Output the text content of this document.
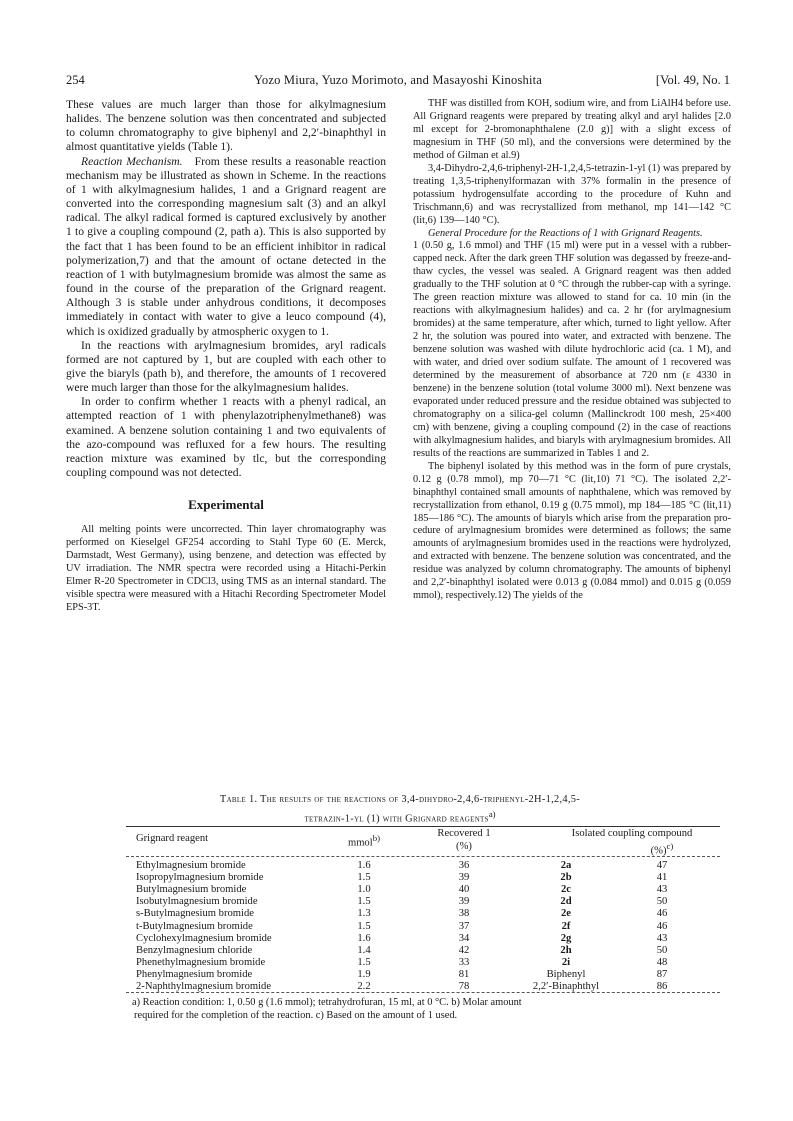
254	Yozo Miura, Yuzo Morimoto, and Masayoshi Kinoshita	[Vol. 49, No. 1

These values are much larger than those for alkylmagnesium halides. The benzene solution was then concentrated and subjected to column chromatography to give biphenyl and 2,2′-binaphthyl in almost quantitative yields (Table 1).

Reaction Mechanism. From these results a reasonable reaction mechanism may be illustrated as shown in Scheme. In the reactions of 1 with alkylmagnesium halides, 1 and a Grignard reagent are converted into the corresponding magnesium salt (3) and an alkyl radical. The alkyl radical formed is captured exclusively by another 1 to give a coupling compound (2, path a). This is also supported by the fact that 1 has been found to be an efficient inhibitor in radical polymerization,7) and that the amount of octane detected in the reaction of 1 with butylmagnesium bromide was almost the same as found in the course of the preparation of the Grignard reagent. Although 3 is stable under anhydrous conditions, it decomposes immediately in contact with water to give a leuco compound (4), which is oxidized gradually by atmospheric oxygen to 1.

In the reactions with arylmagnesium bromides, aryl radicals formed are not captured by 1, but are coupled with each other to give the biaryls (path b), and therefore, the amounts of 1 recovered were much larger than those for the alkylmagnesium halides.

In order to confirm whether 1 reacts with a phenyl radical, an attempted reaction of 1 with phenylazotriphenylmethane8) was examined. A benzene solution containing 1 and two equivalents of the azo-compound was refluxed for a few hours. The resulting reaction mixture was examined by tlc, but the corresponding coupling compound was not detected.

Experimental

All melting points were uncorrected. Thin layer chromatography was performed on Kieselgel GF254 according to Stahl Type 60 (E. Merck, Darmstadt, West Germany), using benzene, and detection was effected by UV irradiation. The NMR spectra were recorded using a Hitachi-Perkin Elmer R-20 Spectrometer in CDCl3, using TMS as an internal standard. The visible spectra were measured with a Hitachi Recording Spectrometer Model EPS-3T.

THF was distilled from KOH, sodium wire, and from LiAlH4 before use. All Grignard reagents were prepared by treating alkyl and aryl halides [2.0 ml except for 2-bromonaphthalene (2.0 g)] with a slight excess of magnesium in THF (50 ml), and the conversions were determined by the method of Gilman et al.9)

3,4-Dihydro-2,4,6-triphenyl-2H-1,2,4,5-tetrazin-1-yl (1) was prepared by treating 1,3,5-triphenylformazan with 37% formalin in the presence of potassium hydrogensulfate according to the procedure of Kuhn and Trischmann,6) and was recrystallized from methanol, mp 141—142 °C (lit,6) 139—140 °C).

General Procedure for the Reactions of 1 with Grignard Reagents.

1 (0.50 g, 1.6 mmol) and THF (15 ml) were put in a vessel with a rubber-capped neck. After the dark green THF solution was degassed by freeze-and-thaw cycles, the vessel was sealed. A Grignard reagent was then added gradually to the THF solution at 0 °C through the rubber-cap with a syringe. The green reaction mixture was allowed to stand for ca. 10 min (in the reactions with alkylmagnesium halides) and ca. 2 hr (for arylmagnesium bromides) at the same temperature, after which, turned to light yellow. After 2 hr, the solution was poured into water, and extracted with benzene. The benzene solution was washed with dilute hydrochloric acid (ca. 1 M), and with water, and dried over sodium sulfate. The amount of 1 recovered was determined by the measurement of absorbance at 720 nm (ε 4330 in benzene) in the benzene solution (total volume 3000 ml). Next benzene was evaporated under reduced pressure and the residue obtained was subjected to chromatography on a silica-gel column (Mallinckrodt 100 mesh, 25×400 cm) with benzene, giving a coupling compound (2) in the case of reactions with alkylmagnesium halides, and biaryls with arylmagnesium bromides. All results of the reactions are summarized in Tables 1 and 2.

The biphenyl isolated by this method was in the form of pure crystals, 0.12 g (0.78 mmol), mp 70—71 °C (lit,10) 71 °C). The isolated 2,2′-binaphthyl contained small amounts of naphthalene, which was removed by recrystallization from ethanol, 0.19 g (0.75 mmol), mp 184—185 °C (lit,11) 185—186 °C). The amounts of biaryls which arise from the preparation procedure of arylmagnesium bromides were determined as follows; the same amounts of arylmagnesium bromides used in the reactions were hydrolyzed, and extracted with benzene. The benzene solution was concentrated, and the residue was analyzed by column chromatography. The amounts of biphenyl and 2,2′-binaphthyl isolated were 0.013 g (0.084 mmol) and 0.015 g (0.059 mmol), respectively.12) The yields of the

Table 1. The results of the reactions of 3,4-dihydro-2,4,6-triphenyl-2H-1,2,4,5-
tetrazin-1-yl (1) with Grignard reagents$^{a)}$
Grignard reagent	mmol$^{b)}$	Recovered 1
(%)
Isolated coupling compound
(%)$^{c)}$
Ethylmagnesium bromide	1.6	36	2a	47
Isopropylmagnesium bromide	1.5	39	2b	41
Butylmagnesium bromide	1.0	40	2c	43
Isobutylmagnesium bromide	1.5	39	2d	50
s-Butylmagnesium bromide	1.3	38	2e	46
t-Butylmagnesium bromide	1.5	37	2f	46
Cyclohexylmagnesium bromide	1.6	34	2g	43
Benzylmagnesium chloride	1.4	42	2h	50
Phenethylmagnesium bromide	1.5	33	2i	48
Phenylmagnesium bromide	1.9	81	Biphenyl	87
2-Naphthylmagnesium bromide	2.2	78	2,2′-Binaphthyl	86
a) Reaction condition: 1, 0.50 g (1.6 mmol); tetrahydrofuran, 15 ml, at 0 °C. b) Molar amount
required for the completion of the reaction. c) Based on the amount of 1 used.
